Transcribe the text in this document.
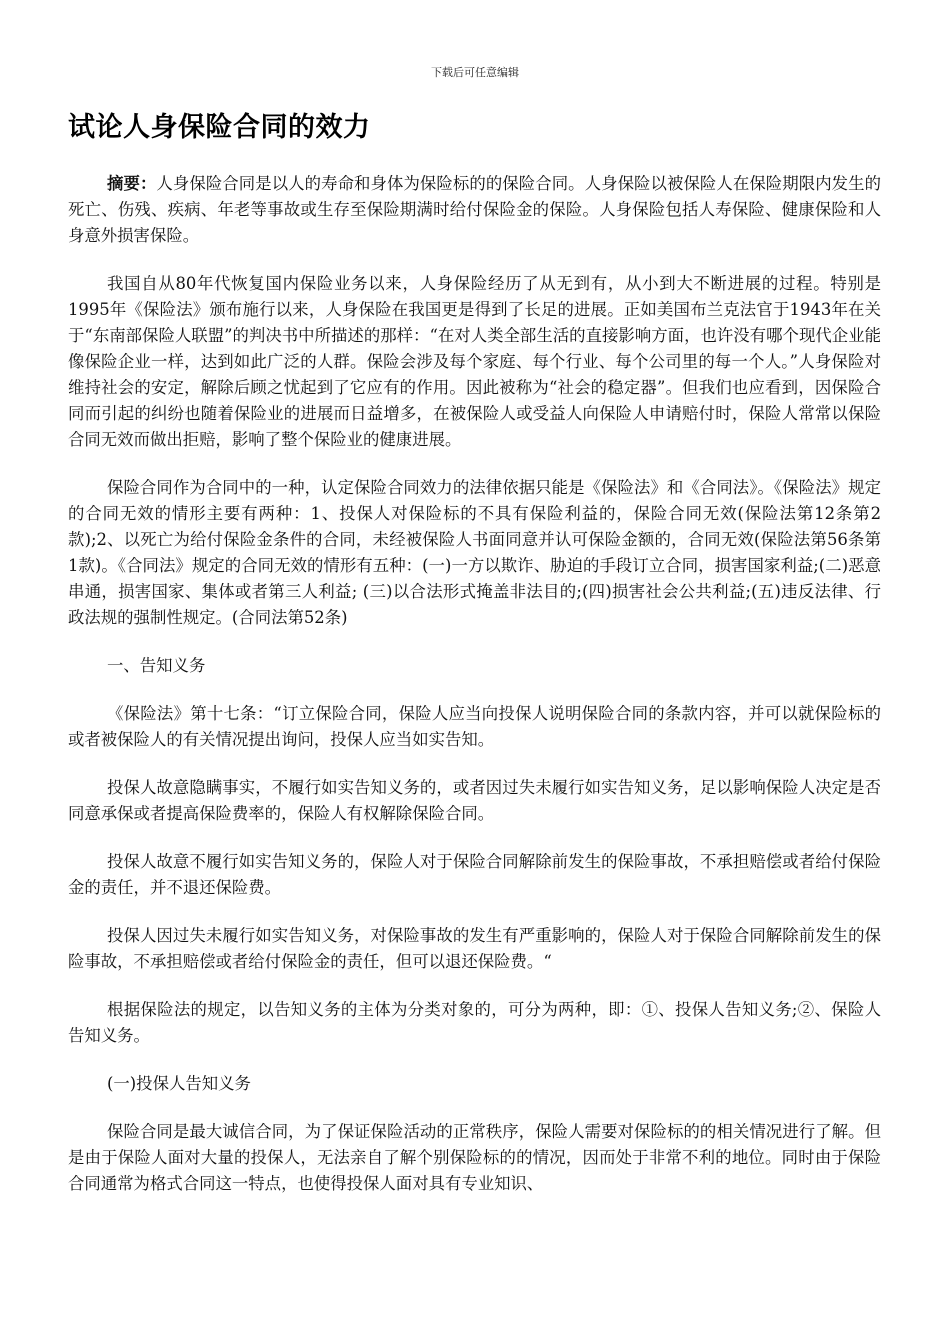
下载后可任意编辑
试论人身保险合同的效力

摘要：人身保险合同是以人的寿命和身体为保险标的的保险合同。人身保险以被保险人在保险期限内发生的死亡、伤残、疾病、年老等事故或生存至保险期满时给付保险金的保险。人身保险包括人寿保险、健康保险和人身意外损害保险。

我国自从80年代恢复国内保险业务以来，人身保险经历了从无到有，从小到大不断进展的过程。特别是1995年《保险法》颁布施行以来，人身保险在我国更是得到了长足的进展。正如美国布兰克法官于1943年在关于“东南部保险人联盟”的判决书中所描述的那样：“在对人类全部生活的直接影响方面，也许没有哪个现代企业能像保险企业一样，达到如此广泛的人群。保险会涉及每个家庭、每个行业、每个公司里的每一个人。”人身保险对维持社会的安定，解除后顾之忧起到了它应有的作用。因此被称为“社会的稳定器”。但我们也应看到，因保险合同而引起的纠纷也随着保险业的进展而日益增多，在被保险人或受益人向保险人申请赔付时，保险人常常以保险合同无效而做出拒赔，影响了整个保险业的健康进展。

保险合同作为合同中的一种，认定保险合同效力的法律依据只能是《保险法》和《合同法》。《保险法》规定的合同无效的情形主要有两种：1、投保人对保险标的不具有保险利益的，保险合同无效(保险法第12条第2款);2、以死亡为给付保险金条件的合同，未经被保险人书面同意并认可保险金额的，合同无效(保险法第56条第1款)。《合同法》规定的合同无效的情形有五种：(一)一方以欺诈、胁迫的手段订立合同，损害国家利益;(二)恶意串通，损害国家、集体或者第三人利益; (三)以合法形式掩盖非法目的;(四)损害社会公共利益;(五)违反法律、行政法规的强制性规定。(合同法第52条)

一、告知义务

《保险法》第十七条：“订立保险合同，保险人应当向投保人说明保险合同的条款内容，并可以就保险标的或者被保险人的有关情况提出询问，投保人应当如实告知。

投保人故意隐瞒事实，不履行如实告知义务的，或者因过失未履行如实告知义务，足以影响保险人决定是否同意承保或者提高保险费率的，保险人有权解除保险合同。

投保人故意不履行如实告知义务的，保险人对于保险合同解除前发生的保险事故，不承担赔偿或者给付保险金的责任，并不退还保险费。

投保人因过失未履行如实告知义务，对保险事故的发生有严重影响的，保险人对于保险合同解除前发生的保险事故，不承担赔偿或者给付保险金的责任，但可以退还保险费。“

根据保险法的规定，以告知义务的主体为分类对象的，可分为两种，即：①、投保人告知义务;②、保险人告知义务。

(一)投保人告知义务

保险合同是最大诚信合同，为了保证保险活动的正常秩序，保险人需要对保险标的的相关情况进行了解。但是由于保险人面对大量的投保人，无法亲自了解个别保险标的的情况，因而处于非常不利的地位。同时由于保险合同通常为格式合同这一特点，也使得投保人面对具有专业知识、
